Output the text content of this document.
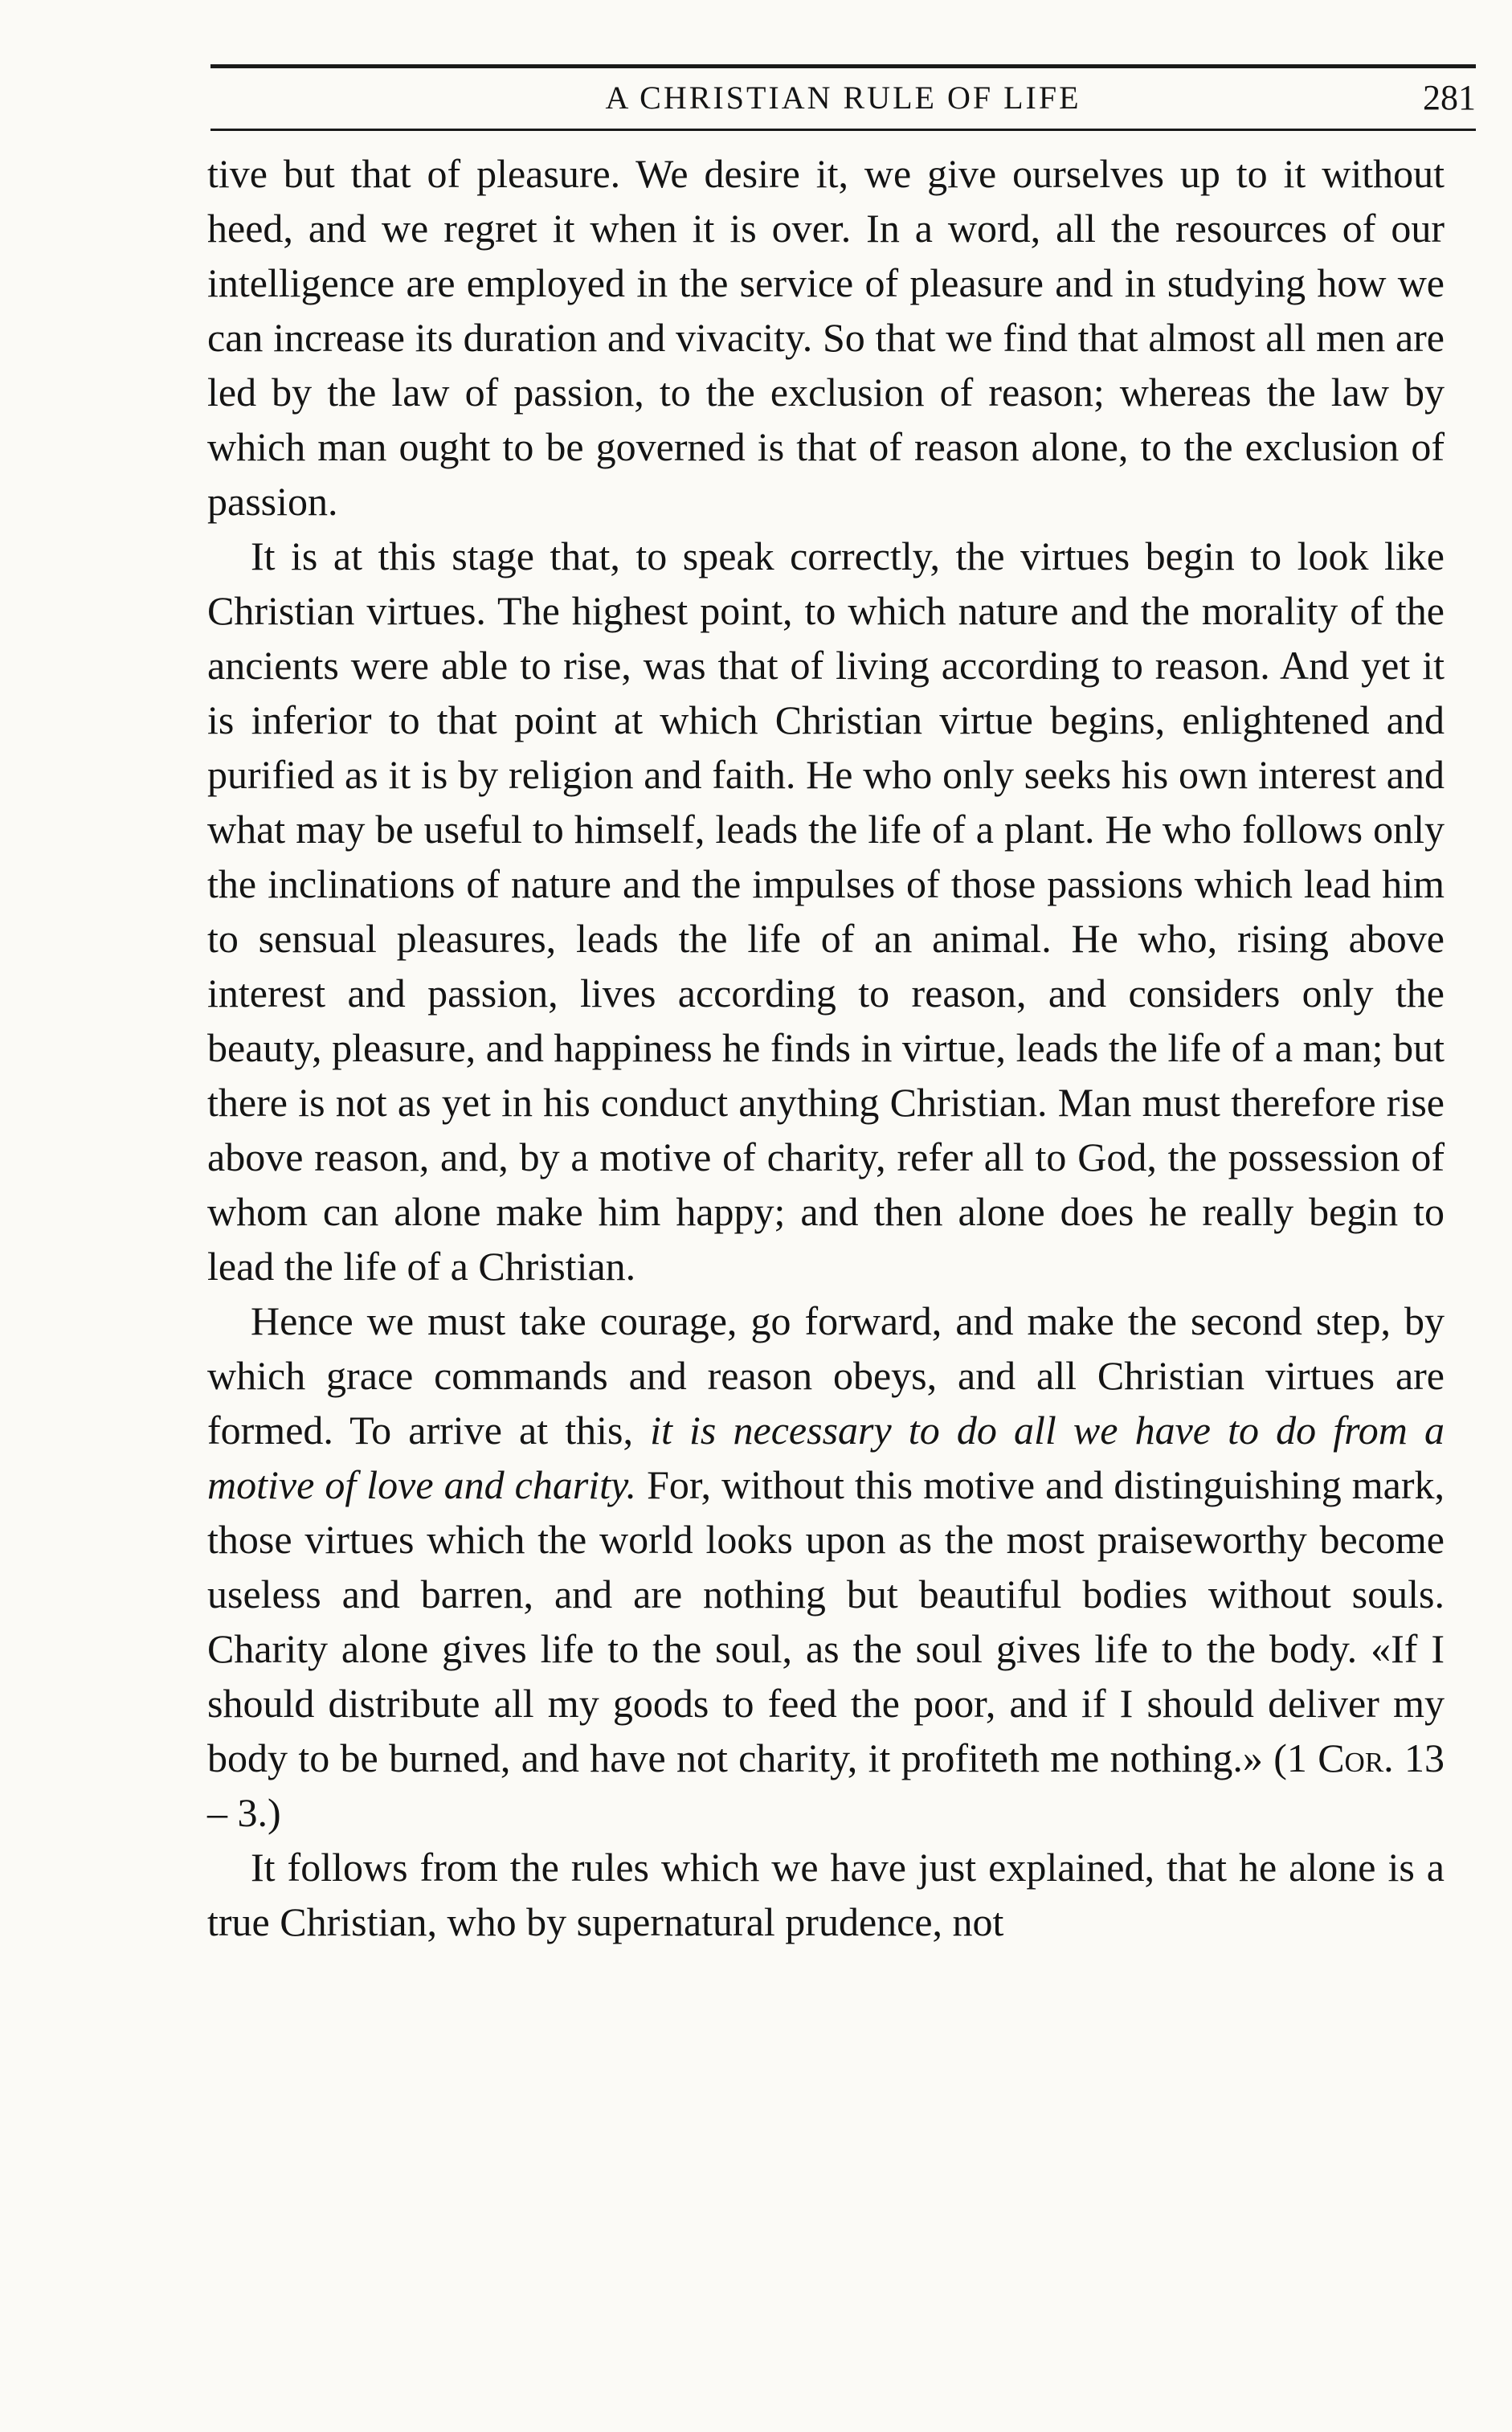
A CHRISTIAN RULE OF LIFE	281

tive but that of pleasure. We desire it, we give ourselves up to it without heed, and we regret it when it is over. In a word, all the resources of our intelligence are employed in the service of pleasure and in studying how we can increase its duration and vivacity. So that we find that almost all men are led by the law of passion, to the exclusion of reason; whereas the law by which man ought to be governed is that of reason alone, to the exclusion of passion.

It is at this stage that, to speak correctly, the virtues begin to look like Christian virtues. The highest point, to which nature and the morality of the ancients were able to rise, was that of living according to reason. And yet it is inferior to that point at which Christian virtue begins, enlightened and purified as it is by religion and faith. He who only seeks his own interest and what may be useful to himself, leads the life of a plant. He who follows only the inclinations of nature and the impulses of those passions which lead him to sensual pleasures, leads the life of an animal. He who, rising above interest and passion, lives according to reason, and considers only the beauty, pleasure, and happiness he finds in virtue, leads the life of a man; but there is not as yet in his conduct anything Christian. Man must therefore rise above reason, and, by a motive of charity, refer all to God, the possession of whom can alone make him happy; and then alone does he really begin to lead the life of a Christian.

Hence we must take courage, go forward, and make the second step, by which grace commands and reason obeys, and all Christian virtues are formed. To arrive at this, it is necessary to do all we have to do from a motive of love and charity. For, without this motive and distinguishing mark, those virtues which the world looks upon as the most praiseworthy become useless and barren, and are nothing but beautiful bodies without souls. Charity alone gives life to the soul, as the soul gives life to the body. «If I should distribute all my goods to feed the poor, and if I should deliver my body to be burned, and have not charity, it profiteth me nothing.» (1 Cor. 13 – 3.)

It follows from the rules which we have just explained, that he alone is a true Christian, who by supernatural prudence, not
